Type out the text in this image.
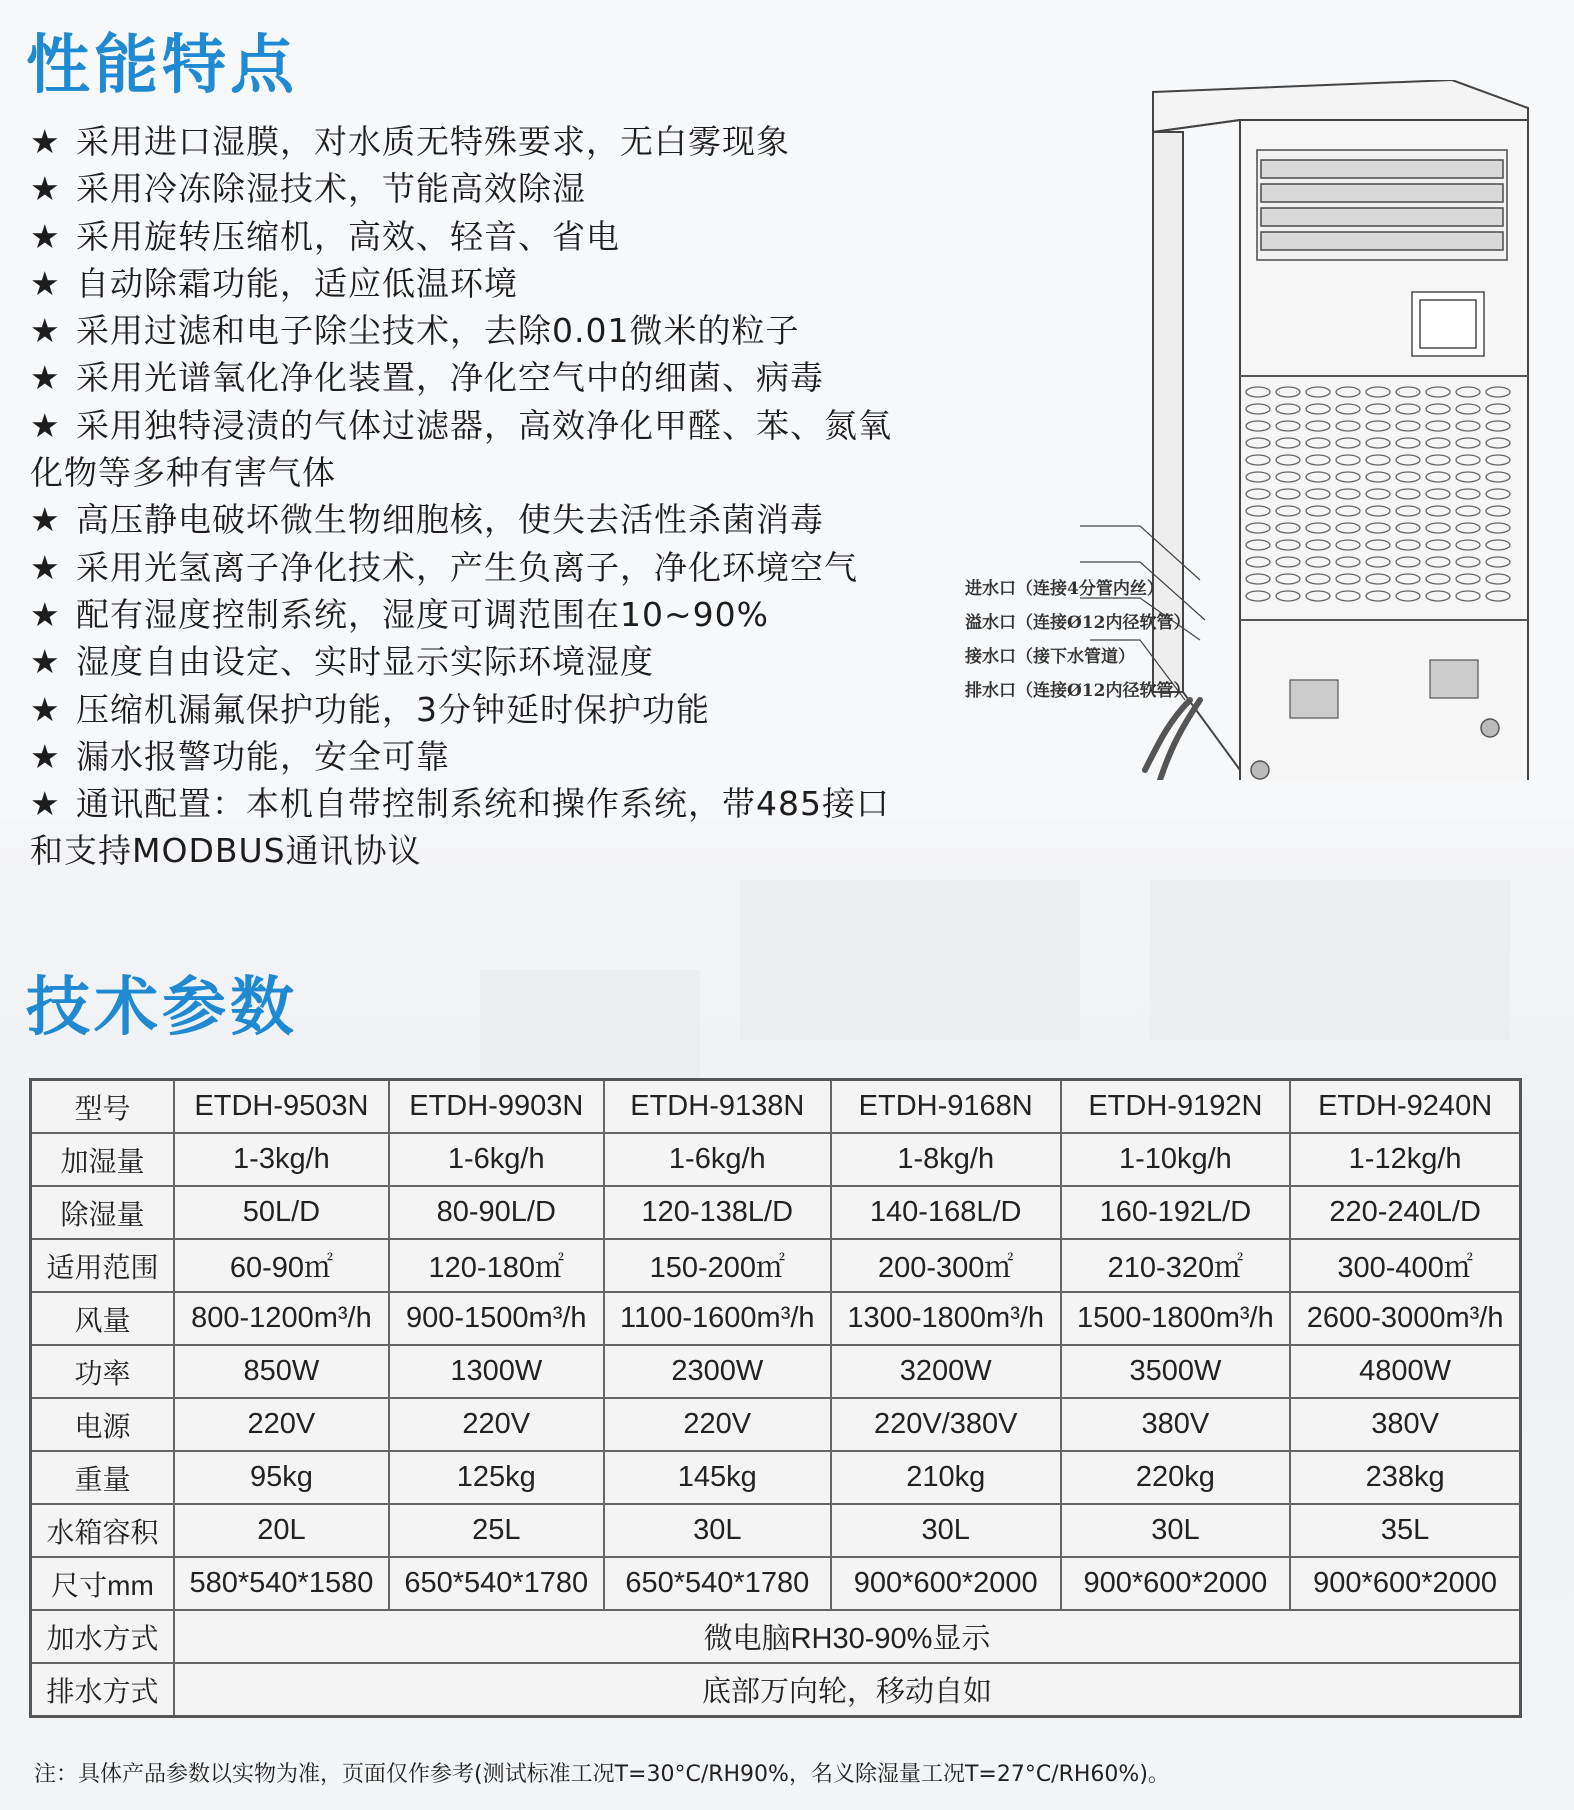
性能特点
★ 采用进口湿膜，对水质无特殊要求，无白雾现象
★ 采用冷冻除湿技术，节能高效除湿
★ 采用旋转压缩机，高效、轻音、省电
★ 自动除霜功能，适应低温环境
★ 采用过滤和电子除尘技术，去除0.01微米的粒子
★ 采用光谱氧化净化装置，净化空气中的细菌、病毒
★ 采用独特浸渍的气体过滤器，高效净化甲醛、苯、氮氧
化物等多种有害气体
★ 高压静电破坏微生物细胞核，使失去活性杀菌消毒
★ 采用光氢离子净化技术，产生负离子，净化环境空气
★ 配有湿度控制系统，湿度可调范围在10~90%
★ 湿度自由设定、实时显示实际环境湿度
★ 压缩机漏氟保护功能，3分钟延时保护功能
★ 漏水报警功能，安全可靠
★ 通讯配置：本机自带控制系统和操作系统，带485接口
和支持MODBUS通讯协议
进水口（连接4分管内丝）
溢水口（连接Ø12内径软管）
接水口（接下水管道）
排水口（连接Ø12内径软管）
技术参数
型号	ETDH-9503N	ETDH-9903N	ETDH-9138N	ETDH-9168N	ETDH-9192N	ETDH-9240N
加湿量	1-3kg/h	1-6kg/h	1-6kg/h	1-8kg/h	1-10kg/h	1-12kg/h
除湿量	50L/D	80-90L/D	120-138L/D	140-168L/D	160-192L/D	220-240L/D
适用范围	60-90㎡	120-180㎡	150-200㎡	200-300㎡	210-320㎡	300-400㎡
风量	800-1200m³/h	900-1500m³/h	1100-1600m³/h	1300-1800m³/h	1500-1800m³/h	2600-3000m³/h
功率	850W	1300W	2300W	3200W	3500W	4800W
电源	220V	220V	220V	220V/380V	380V	380V
重量	95kg	125kg	145kg	210kg	220kg	238kg
水箱容积	20L	25L	30L	30L	30L	35L
尺寸mm	580*540*1580	650*540*1780	650*540*1780	900*600*2000	900*600*2000	900*600*2000
加水方式	微电脑RH30-90%显示					
排水方式	底部万向轮，移动自如					
注：具体产品参数以实物为准，页面仅作参考(测试标准工况T=30°C/RH90%，名义除湿量工况T=27°C/RH60%)。
